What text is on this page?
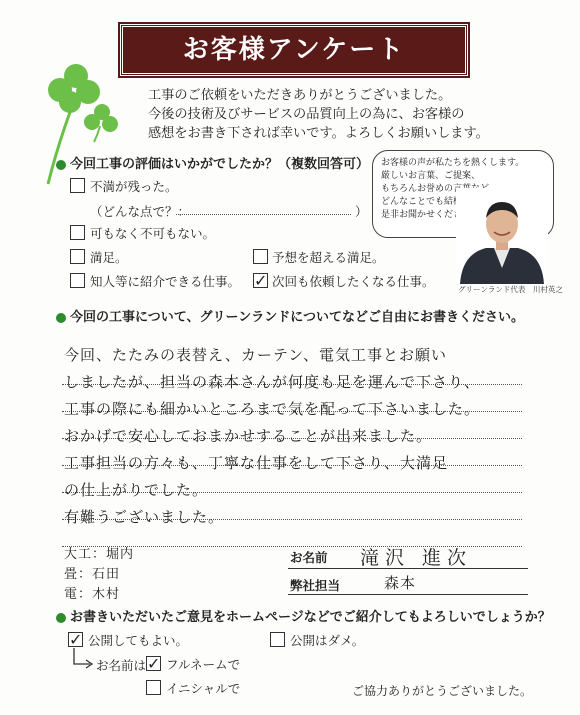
お客様アンケート
工事のご依頼をいただきありがとうございました。
今後の技術及びサービスの品質向上の為に、お客様の
感想をお書き下されば幸いです。よろしくお願いします。
今回工事の評価はいかがでしたか？（複数回答可）
不満が残った。
（どんな点で？：	）
可もなく不可もない。
満足。	予想を超える満足。
知人等に紹介できる仕事。 ✓ 次回も依頼したくなる仕事。
お客様の声が私たちを熱くします。
厳しいお言葉、ご提案、
もちろんお誉めの言葉など
どんなことでも結構です。
是非お聞かせください。
グリーンランド代表　川村英之
今回の工事について、グリーンランドについてなどご自由にお書きください。
今回、たたみの表替え、カーテン、電気工事とお願い
しましたが、担当の森本さんが何度も足を運んで下さり、
工事の際にも細かいところまで気を配って下さいました。
おかげで安心しておまかせすることが出来ました。
工事担当の方々も、丁寧な仕事をして下さり、大満足
の仕上がりでした。
有難うございました。
大工：堀内
畳：石田
電：木村
お名前 滝沢 進次
弊社担当	森本
お書きいただいたご意見をホームページなどでご紹介してもよろしいでしょうか？
✓ 公開してもよい。	公開はダメ。
お名前は ✓ フルネームで
イニシャルで	ご協力ありがとうございました。
